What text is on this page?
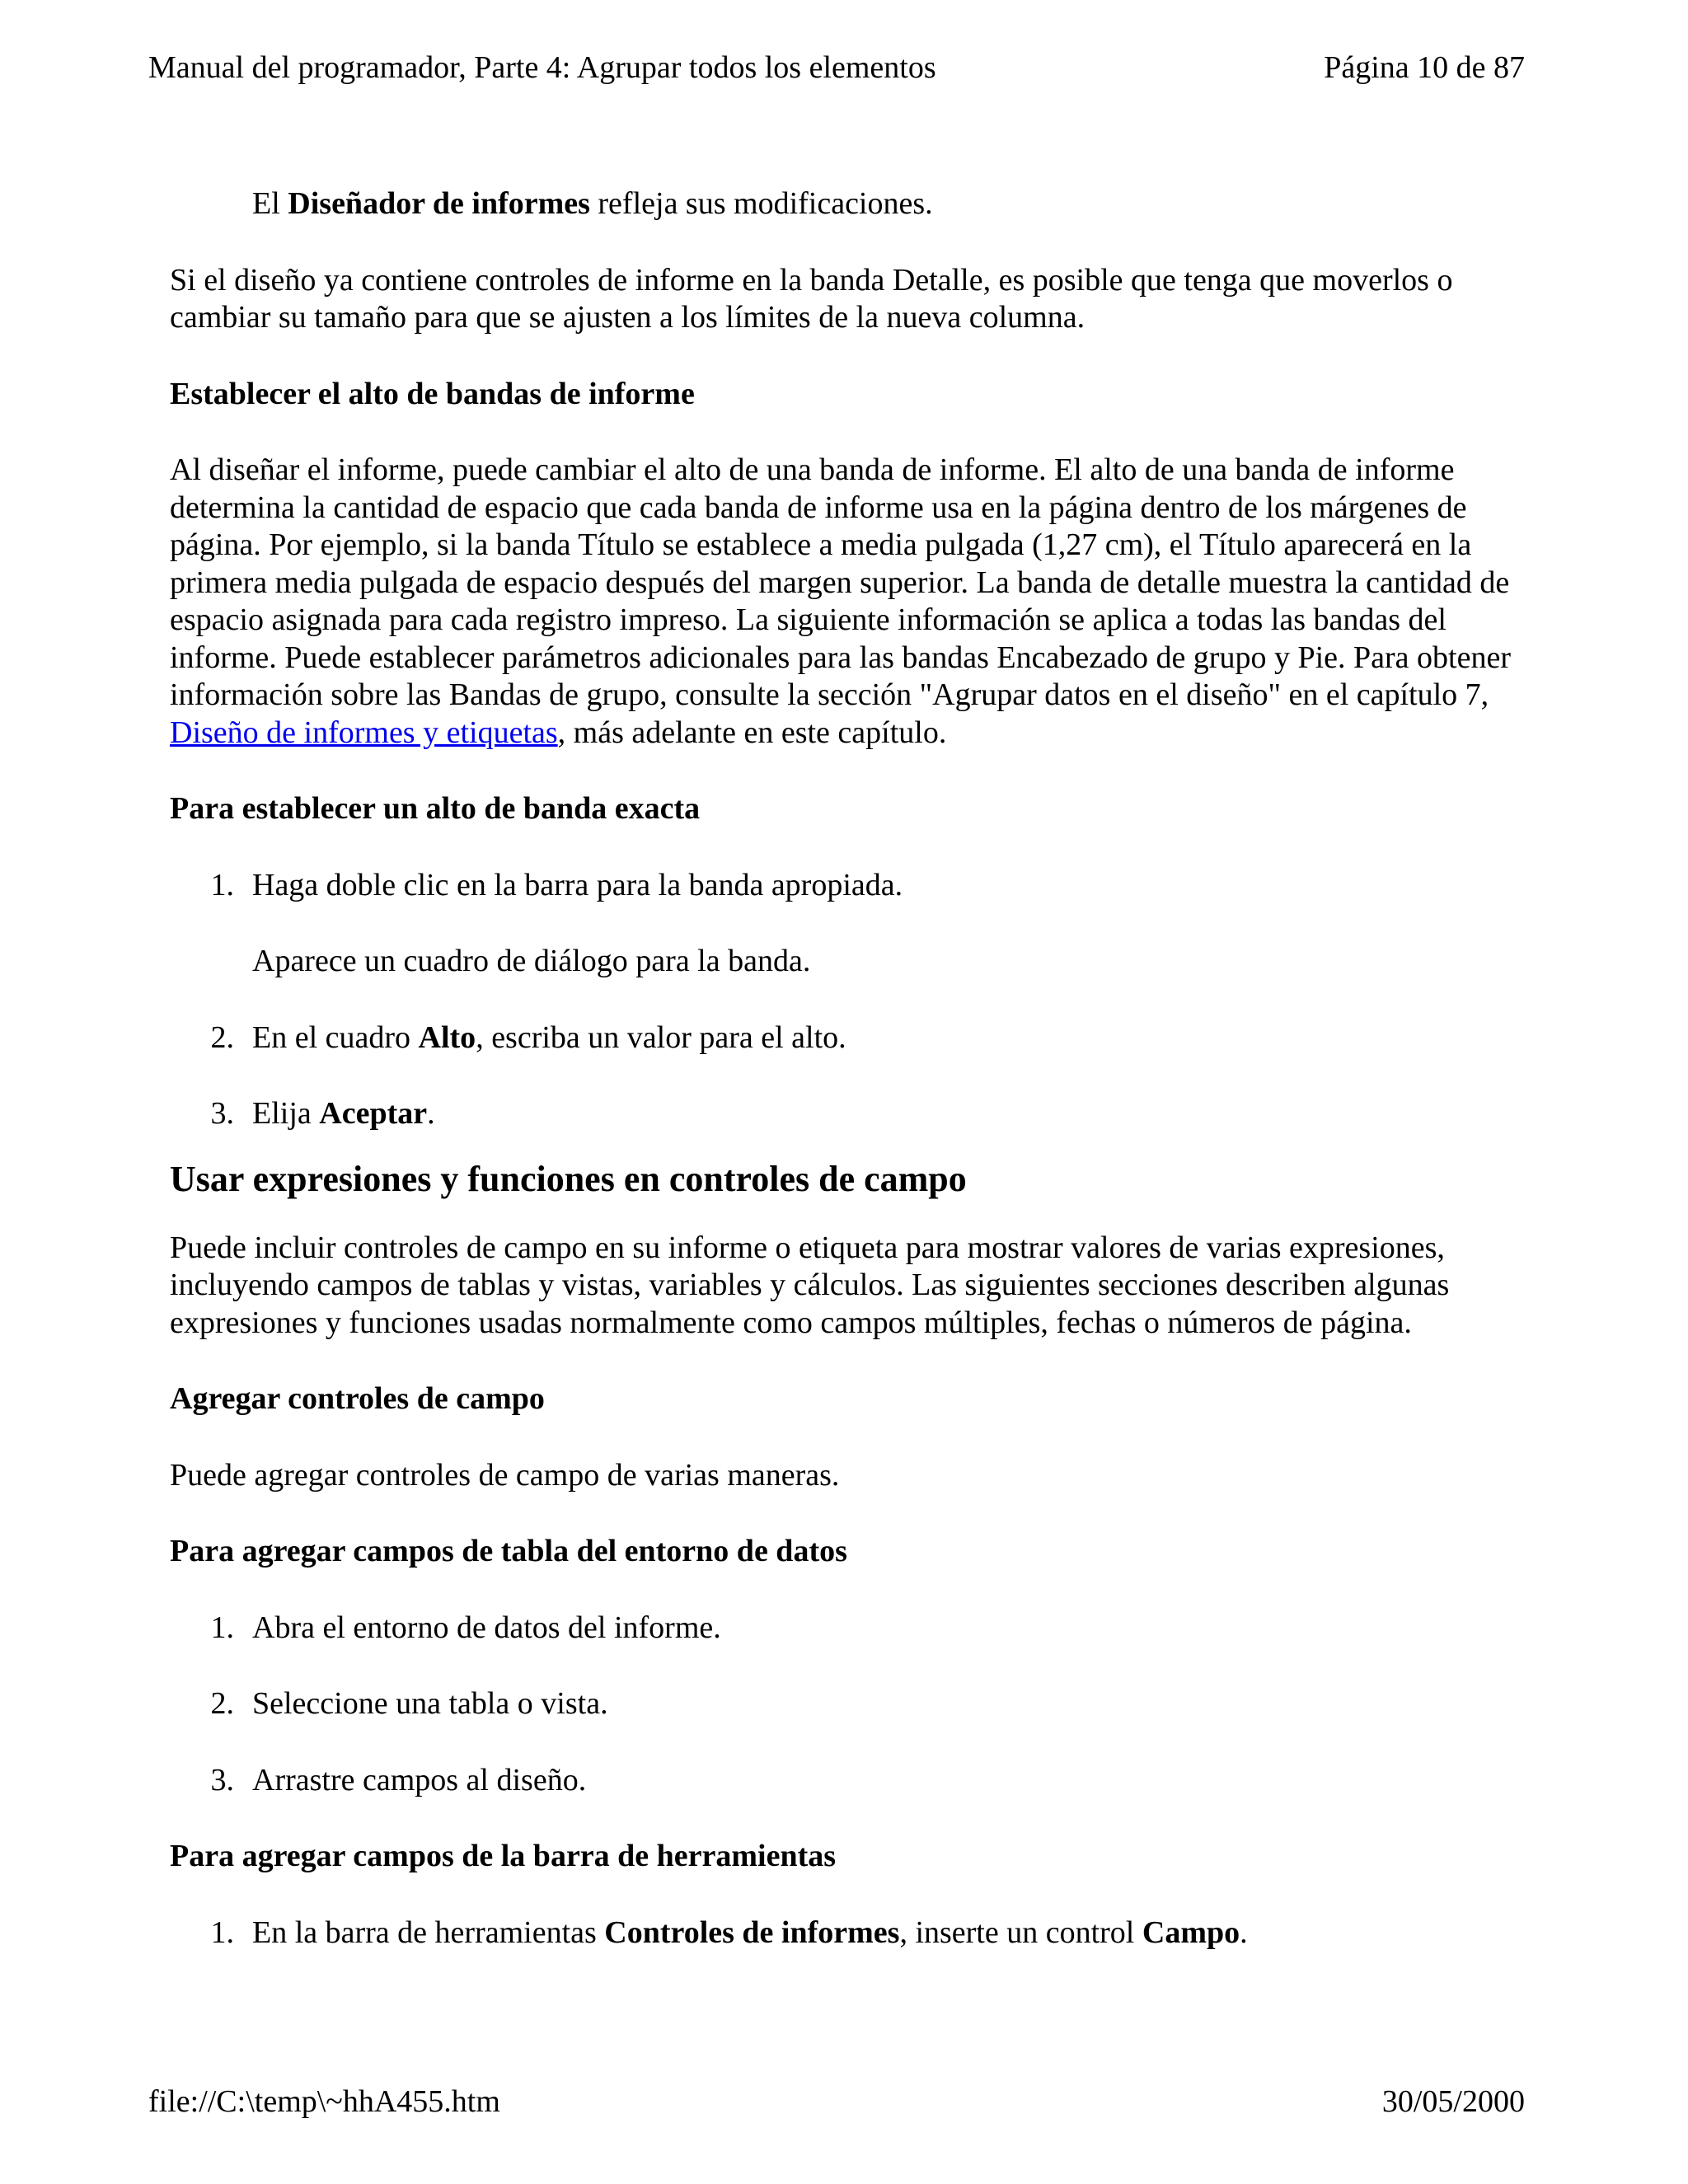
Manual del programador, Parte 4: Agrupar todos los elementos	Página 10 de 87

El Diseñador de informes refleja sus modificaciones.

Si el diseño ya contiene controles de informe en la banda Detalle, es posible que tenga que moverlos o cambiar su tamaño para que se ajusten a los límites de la nueva columna.

Establecer el alto de bandas de informe

Al diseñar el informe, puede cambiar el alto de una banda de informe. El alto de una banda de informe determina la cantidad de espacio que cada banda de informe usa en la página dentro de los márgenes de página. Por ejemplo, si la banda Título se establece a media pulgada (1,27 cm), el Título aparecerá en la primera media pulgada de espacio después del margen superior. La banda de detalle muestra la cantidad de espacio asignada para cada registro impreso. La siguiente información se aplica a todas las bandas del informe. Puede establecer parámetros adicionales para las bandas Encabezado de grupo y Pie. Para obtener información sobre las Bandas de grupo, consulte la sección "Agrupar datos en el diseño" en el capítulo 7, Diseño de informes y etiquetas, más adelante en este capítulo.

Para establecer un alto de banda exacta

1. Haga doble clic en la barra para la banda apropiada.

Aparece un cuadro de diálogo para la banda.

2. En el cuadro Alto, escriba un valor para el alto.
3. Elija Aceptar.

Usar expresiones y funciones en controles de campo

Puede incluir controles de campo en su informe o etiqueta para mostrar valores de varias expresiones, incluyendo campos de tablas y vistas, variables y cálculos. Las siguientes secciones describen algunas expresiones y funciones usadas normalmente como campos múltiples, fechas o números de página.

Agregar controles de campo

Puede agregar controles de campo de varias maneras.

Para agregar campos de tabla del entorno de datos

1. Abra el entorno de datos del informe.
2. Seleccione una tabla o vista.
3. Arrastre campos al diseño.

Para agregar campos de la barra de herramientas

1. En la barra de herramientas Controles de informes, inserte un control Campo.
file://C:\temp\~hhA455.htm	30/05/2000
